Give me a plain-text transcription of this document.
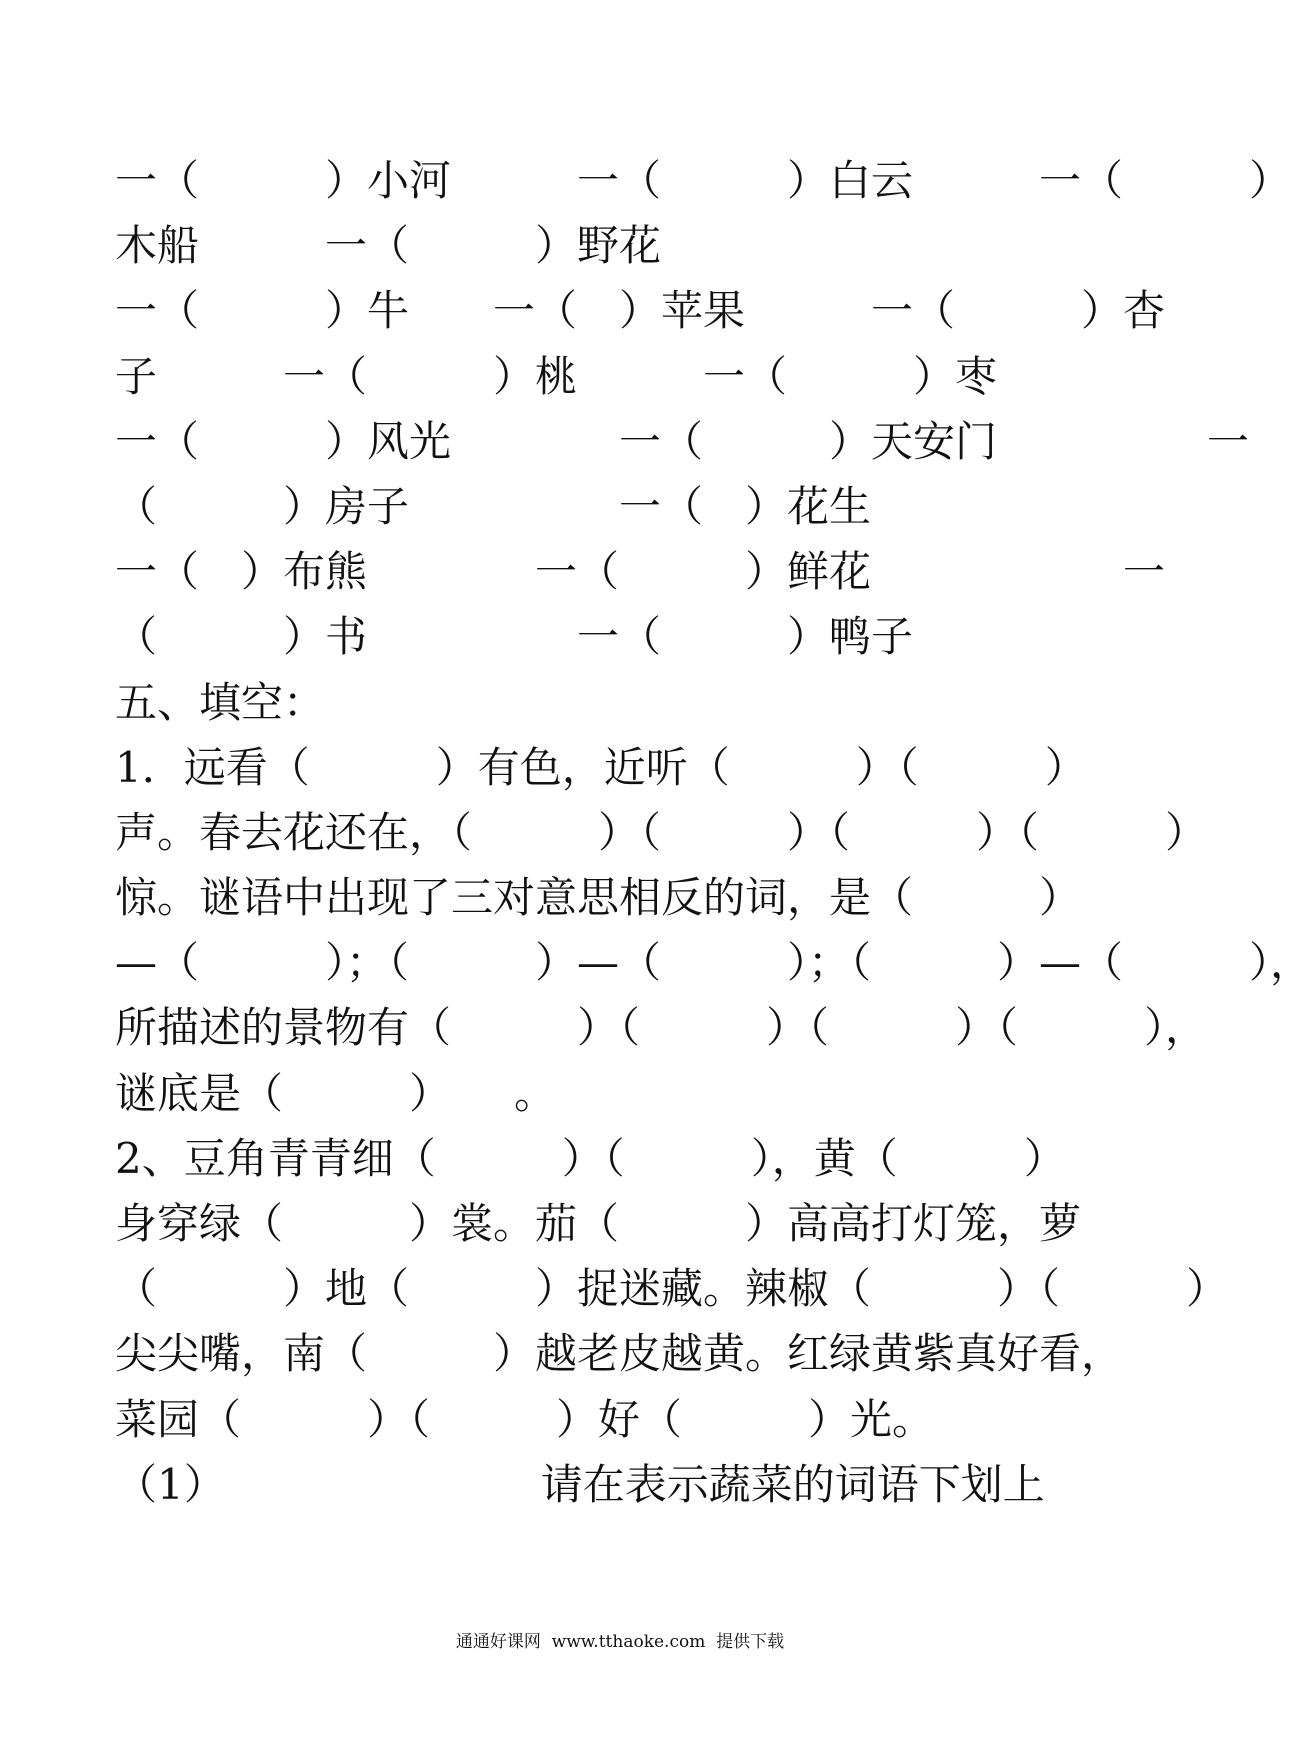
一（　　　）小河　　　一（　　　）白云　　　一（　　　）
木船　　　一（　　　）野花
一（　　　）牛　　一（　）苹果　　　一（　　　）杏
子　　　一（　　　）桃　　　一（　　　）枣
一（　　　）风光　　　　一（　　　）天安门　　　　　一
（　　　）房子　　　　　一（　）花生
一（　）布熊　　　　一（　　　）鲜花　　　　　　一
（　　　）书　　　　　一（　　　）鸭子
五、填空：
1．远看（　　　）有色，近听（　　　）（　　　）
声。春去花还在，（　　　）（　　　）（　　　）（　　　）
惊。谜语中出现了三对意思相反的词，是（　　　）
—（　　　）；（　　　）—（　　　）；（　　　）—（　　　），
所描述的景物有（　　　）（　　　）（　　　）（　　　），
谜底是（　　　）　　。
2、豆角青青细（　　　）（　　　），黄（　　　）
身穿绿（　　　）裳。茄（　　　）高高打灯笼，萝
（　　　）地（　　　）捉迷藏。辣椒（　　　）（　　　）
尖尖嘴，南（　　　）越老皮越黄。红绿黄紫真好看，
菜园（　　　）（　　　）好（　　　）光。
（1）　　　　　　　　请在表示蔬菜的词语下划上
通通好课网  www.tthaoke.com  提供下载
